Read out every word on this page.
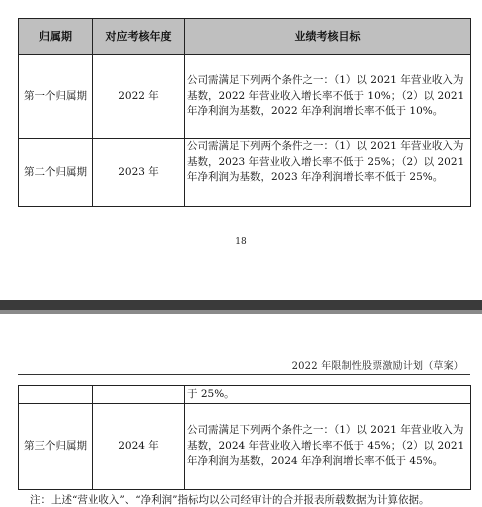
归属期	对应考核年度	业绩考核目标
第一个归属期	2022 年	公司需满足下列两个条件之一：（1）以 2021 年营业收入为基数，2022 年营业收入增长率不低于 10%；（2）以 2021 年净利润为基数，2022 年净利润增长率不低于 10%。
第二个归属期	2023 年	公司需满足下列两个条件之一：（1）以 2021 年营业收入为基数，2023 年营业收入增长率不低于 25%；（2）以 2021 年净利润为基数，2023 年净利润增长率不低于 25%。
18
2022 年限制性股票激励计划（草案）
		于 25%。
第三个归属期	2024 年	公司需满足下列两个条件之一：（1）以 2021 年营业收入为基数，2024 年营业收入增长率不低于 45%；（2）以 2021 年净利润为基数，2024 年净利润增长率不低于 45%。
注：上述“营业收入”、“净利润”指标均以公司经审计的合并报表所载数据为计算依据。
